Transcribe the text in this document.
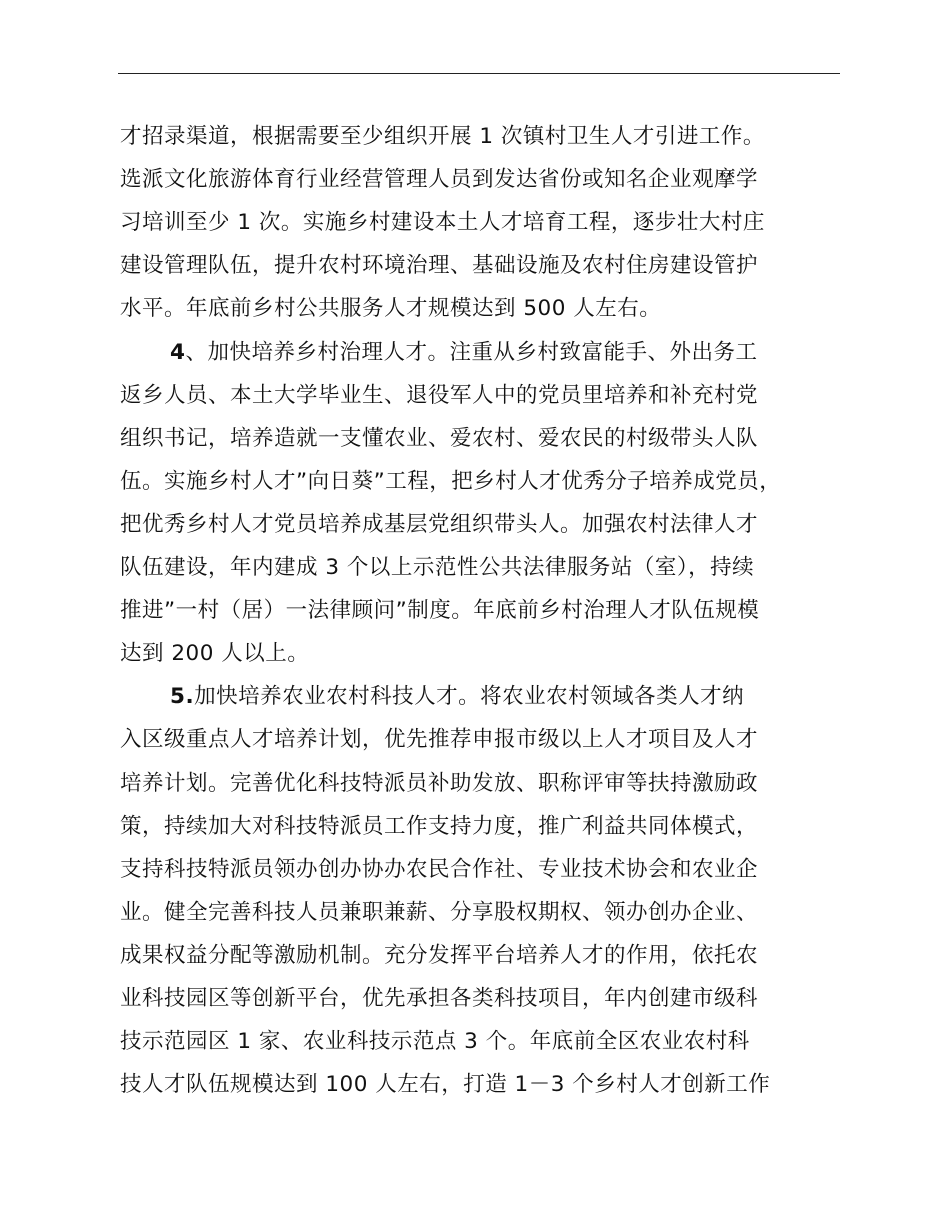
才招录渠道，根据需要至少组织开展 1 次镇村卫生人才引进工作。
选派文化旅游体育行业经营管理人员到发达省份或知名企业观摩学
习培训至少 1 次。实施乡村建设本土人才培育工程，逐步壮大村庄
建设管理队伍，提升农村环境治理、基础设施及农村住房建设管护
水平。年底前乡村公共服务人才规模达到 500 人左右。
4、加快培养乡村治理人才。注重从乡村致富能手、外出务工
返乡人员、本土大学毕业生、退役军人中的党员里培养和补充村党
组织书记，培养造就一支懂农业、爱农村、爱农民的村级带头人队
伍。实施乡村人才”向日葵”工程，把乡村人才优秀分子培养成党员，
把优秀乡村人才党员培养成基层党组织带头人。加强农村法律人才
队伍建设，年内建成 3 个以上示范性公共法律服务站（室），持续
推进”一村（居）一法律顾问”制度。年底前乡村治理人才队伍规模
达到 200 人以上。
5.加快培养农业农村科技人才。将农业农村领域各类人才纳
入区级重点人才培养计划，优先推荐申报市级以上人才项目及人才
培养计划。完善优化科技特派员补助发放、职称评审等扶持激励政
策，持续加大对科技特派员工作支持力度，推广利益共同体模式，
支持科技特派员领办创办协办农民合作社、专业技术协会和农业企
业。健全完善科技人员兼职兼薪、分享股权期权、领办创办企业、
成果权益分配等激励机制。充分发挥平台培养人才的作用，依托农
业科技园区等创新平台，优先承担各类科技项目，年内创建市级科
技示范园区 1 家、农业科技示范点 3 个。年底前全区农业农村科
技人才队伍规模达到 100 人左右，打造 1－3 个乡村人才创新工作
